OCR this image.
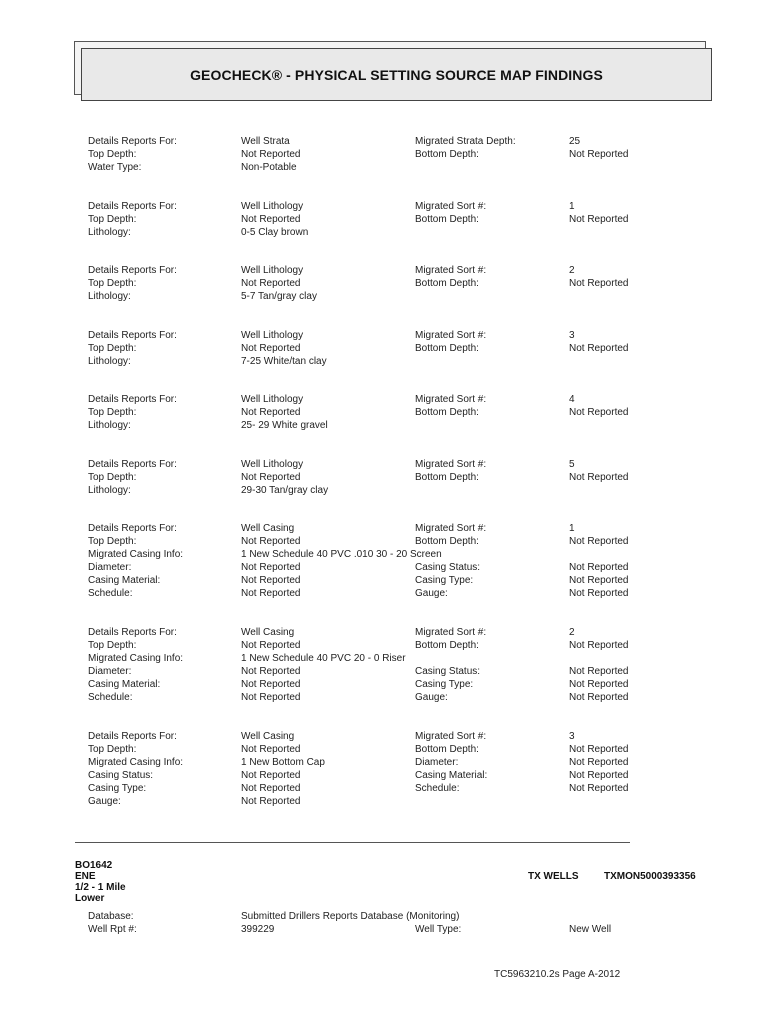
GEOCHECK® - PHYSICAL SETTING SOURCE MAP FINDINGS
Details Reports For:	Well Strata	Migrated Strata Depth:	25
Top Depth:	Not Reported	Bottom Depth:	Not Reported
Water Type:	Non-Potable
Details Reports For:	Well Lithology	Migrated Sort #:	1
Top Depth:	Not Reported	Bottom Depth:	Not Reported
Lithology:	0-5 Clay brown
Details Reports For:	Well Lithology	Migrated Sort #:	2
Top Depth:	Not Reported	Bottom Depth:	Not Reported
Lithology:	5-7 Tan/gray clay
Details Reports For:	Well Lithology	Migrated Sort #:	3
Top Depth:	Not Reported	Bottom Depth:	Not Reported
Lithology:	7-25 White/tan clay
Details Reports For:	Well Lithology	Migrated Sort #:	4
Top Depth:	Not Reported	Bottom Depth:	Not Reported
Lithology:	25- 29 White gravel
Details Reports For:	Well Lithology	Migrated Sort #:	5
Top Depth:	Not Reported	Bottom Depth:	Not Reported
Lithology:	29-30 Tan/gray clay
Details Reports For:	Well Casing	Migrated Sort #:	1
Top Depth:	Not Reported	Bottom Depth:	Not Reported
Migrated Casing Info:	1 New Schedule 40 PVC .010 30 - 20 Screen
Diameter:	Not Reported	Casing Status:	Not Reported
Casing Material:	Not Reported	Casing Type:	Not Reported
Schedule:	Not Reported	Gauge:	Not Reported
Details Reports For:	Well Casing	Migrated Sort #:	2
Top Depth:	Not Reported	Bottom Depth:	Not Reported
Migrated Casing Info:	1 New Schedule 40 PVC 20 - 0 Riser
Diameter:	Not Reported	Casing Status:	Not Reported
Casing Material:	Not Reported	Casing Type:	Not Reported
Schedule:	Not Reported	Gauge:	Not Reported
Details Reports For:	Well Casing	Migrated Sort #:	3
Top Depth:	Not Reported	Bottom Depth:	Not Reported
Migrated Casing Info:	1 New Bottom Cap	Diameter:	Not Reported
Casing Status:	Not Reported	Casing Material:	Not Reported
Casing Type:	Not Reported	Schedule:	Not Reported
Gauge:	Not Reported
BO1642
ENE
1/2 - 1 Mile
Lower
TX WELLS	TXMON5000393356
Database:	Submitted Drillers Reports Database (Monitoring)
Well Rpt #:	399229	Well Type:	New Well
TC5963210.2s Page A-2012
